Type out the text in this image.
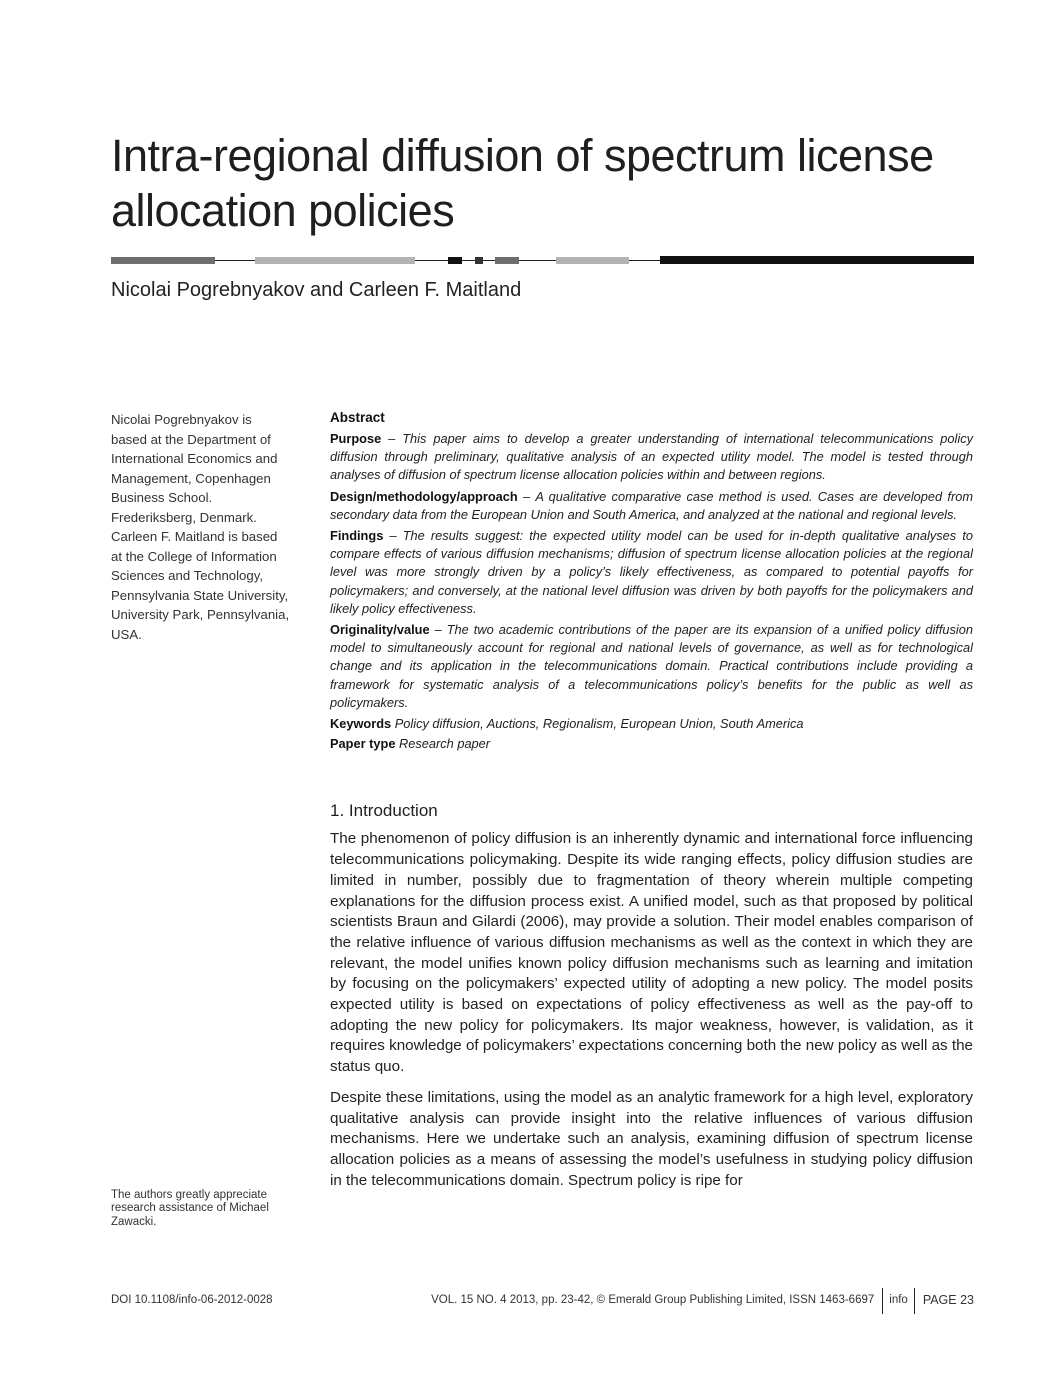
Intra-regional diffusion of spectrum license allocation policies

Nicolai Pogrebnyakov and Carleen F. Maitland

Nicolai Pogrebnyakov is based at the Department of International Economics and Management, Copenhagen Business School. Frederiksberg, Denmark.

Carleen F. Maitland is based at the College of Information Sciences and Technology, Pennsylvania State University, University Park, Pennsylvania, USA.

The authors greatly appreciate research assistance of Michael Zawacki.

Abstract

Purpose – This paper aims to develop a greater understanding of international telecommunications policy diffusion through preliminary, qualitative analysis of an expected utility model. The model is tested through analyses of diffusion of spectrum license allocation policies within and between regions.

Design/methodology/approach – A qualitative comparative case method is used. Cases are developed from secondary data from the European Union and South America, and analyzed at the national and regional levels.

Findings – The results suggest: the expected utility model can be used for in-depth qualitative analyses to compare effects of various diffusion mechanisms; diffusion of spectrum license allocation policies at the regional level was more strongly driven by a policy’s likely effectiveness, as compared to potential payoffs for policymakers; and conversely, at the national level diffusion was driven by both payoffs for the policymakers and likely policy effectiveness.

Originality/value – The two academic contributions of the paper are its expansion of a unified policy diffusion model to simultaneously account for regional and national levels of governance, as well as for technological change and its application in the telecommunications domain. Practical contributions include providing a framework for systematic analysis of a telecommunications policy’s benefits for the public as well as policymakers.

Keywords Policy diffusion, Auctions, Regionalism, European Union, South America

Paper type Research paper

1. Introduction

The phenomenon of policy diffusion is an inherently dynamic and international force influencing telecommunications policymaking. Despite its wide ranging effects, policy diffusion studies are limited in number, possibly due to fragmentation of theory wherein multiple competing explanations for the diffusion process exist. A unified model, such as that proposed by political scientists Braun and Gilardi (2006), may provide a solution. Their model enables comparison of the relative influence of various diffusion mechanisms as well as the context in which they are relevant, the model unifies known policy diffusion mechanisms such as learning and imitation by focusing on the policymakers’ expected utility of adopting a new policy. The model posits expected utility is based on expectations of policy effectiveness as well as the pay-off to adopting the new policy for policymakers. Its major weakness, however, is validation, as it requires knowledge of policymakers’ expectations concerning both the new policy as well as the status quo.

Despite these limitations, using the model as an analytic framework for a high level, exploratory qualitative analysis can provide insight into the relative influences of various diffusion mechanisms. Here we undertake such an analysis, examining diffusion of spectrum license allocation policies as a means of assessing the model’s usefulness in studying policy diffusion in the telecommunications domain. Spectrum policy is ripe for

DOI 10.1108/info-06-2012-0028	VOL. 15 NO. 4 2013, pp. 23-42, © Emerald Group Publishing Limited, ISSN 1463-6697	info	PAGE 23
